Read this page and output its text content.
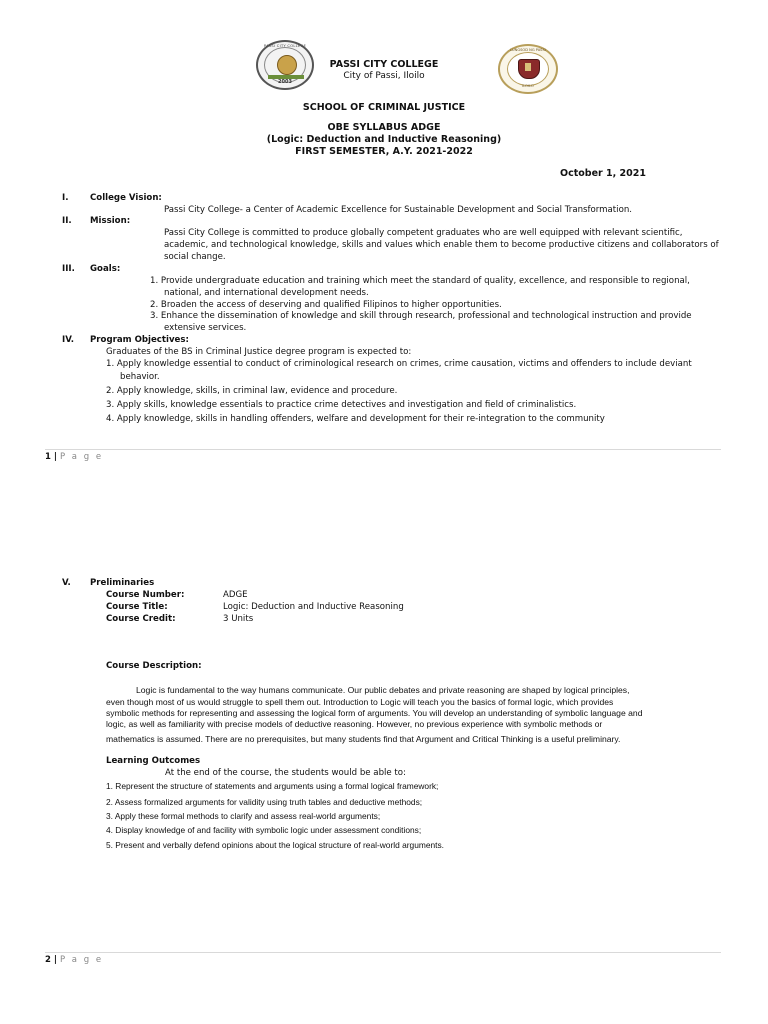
2003
PASSI CITY COLLEGE
PASSI CITY COLLEGE
City of Passi, Iloilo
LUNGSOD NG PASSI
ILOILO
SCHOOL OF CRIMINAL JUSTICE
OBE SYLLABUS ADGE
(Logic: Deduction and Inductive Reasoning)
FIRST SEMESTER, A.Y. 2021-2022
October 1, 2021
I.	College Vision:
Passi City College- a Center of Academic Excellence for Sustainable Development and Social Transformation.
II. Mission:
Passi City College is committed to produce globally competent graduates who are well equipped with relevant scientific,
academic, and technological knowledge, skills and values which enable them to become productive citizens and collaborators of
social change.
III. Goals:
1. Provide undergraduate education and training which meet the standard of quality, excellence, and responsible to regional,
national, and international development needs.
2. Broaden the access of deserving and qualified Filipinos to higher opportunities.
3. Enhance the dissemination of knowledge and skill through research, professional and technological instruction and provide
extensive services.
IV. Program Objectives:
Graduates of the BS in Criminal Justice degree program is expected to:
1. Apply knowledge essential to conduct of criminological research on crimes, crime causation, victims and offenders to include deviant
behavior.
2. Apply knowledge, skills, in criminal law, evidence and procedure.
3. Apply skills, knowledge essentials to practice crime detectives and investigation and field of criminalistics.
4. Apply knowledge, skills in handling offenders, welfare and development for their re-integration to the community
1 | P a g e
V. Preliminaries
Course Number:	ADGE
Course Title:	Logic: Deduction and Inductive Reasoning
Course Credit:	3 Units
Course Description:
Logic is fundamental to the way humans communicate. Our public debates and private reasoning are shaped by logical principles,
even though most of us would struggle to spell them out. Introduction to Logic will teach you the basics of formal logic, which provides
symbolic methods for representing and assessing the logical form of arguments. You will develop an understanding of symbolic language and
logic, as well as familiarity with precise models of deductive reasoning. However, no previous experience with symbolic methods or
mathematics is assumed. There are no prerequisites, but many students find that Argument and Critical Thinking is a useful preliminary.
Learning Outcomes
At the end of the course, the students would be able to:
1. Represent the structure of statements and arguments using a formal logical framework;
2. Assess formalized arguments for validity using truth tables and deductive methods;
3. Apply these formal methods to clarify and assess real-world arguments;
4. Display knowledge of and facility with symbolic logic under assessment conditions;
5. Present and verbally defend opinions about the logical structure of real-world arguments.
2 | P a g e
